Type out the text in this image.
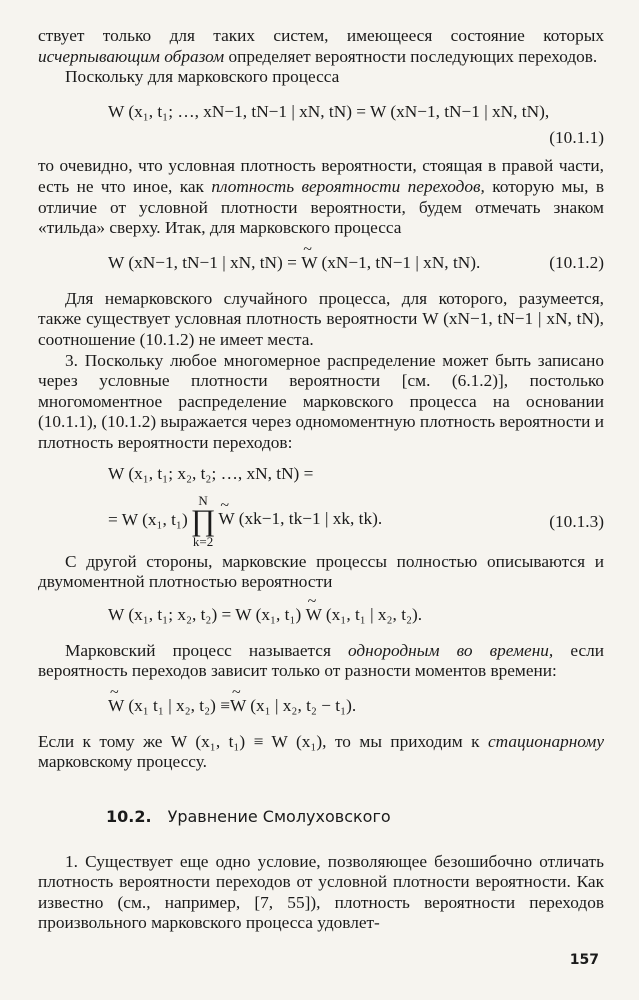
ствует только для таких систем, имеющееся состояние которых исчерпывающим образом определяет вероятности последующих переходов.

Поскольку для марковского процесса

W (x₁, t₁; …, xN−1, tN−1 | xN, tN) = W (xN−1, tN−1 | xN, tN),
(10.1.1)

то очевидно, что условная плотность вероятности, стоящая в правой части, есть не что иное, как плотность вероятности переходов, которую мы, в отличие от условной плотности вероятности, будем отмечать знаком «тильда» сверху. Итак, для марковского процесса

W (xN−1, tN−1 | xN, tN) = W (xN−1, tN−1 | xN, tN). ~	(10.1.2)

Для немарковского случайного процесса, для которого, разумеется, также существует условная плотность вероятности W (xN−1, tN−1 | xN, tN), соотношение (10.1.2) не имеет места.

3. Поскольку любое многомерное распределение может быть записано через условные плотности вероятности [см. (6.1.2)], постолько многомоментное распределение марковского процесса на основании (10.1.1), (10.1.2) выражается через одномоментную плотность вероятности и плотность вероятности переходов:

W (x₁, t₁; x₂, t₂; …, xN, tN) =
= W (x₁, t₁)N
∏
k=2W (xk−1, tk−1 | xk, tk). ~	(10.1.3)

С другой стороны, марковские процессы полностью описываются и двумоментной плотностью вероятности

W (x₁, t₁; x₂, t₂) = W (x₁, t₁) W (x₁, t₁ | x₂, t₂). ~

Марковский процесс называется однородным во времени, если вероятность переходов зависит только от разности моментов времени:

W (x₁ t₁ | x₂, t₂) ≡ ~W (x₁ | x₂, t₂ − t₁). ~

Если к тому же W (x₁, t₁) ≡ W (x₁), то мы приходим к стационарному марковскому процессу.

10.2. Уравнение Смолуховского

1. Существует еще одно условие, позволяющее безошибочно отличать плотность вероятности переходов от условной плотности вероятности. Как известно (см., например, [7, 55]), плотность вероятности переходов произвольного марковского процесса удовлет-

157
